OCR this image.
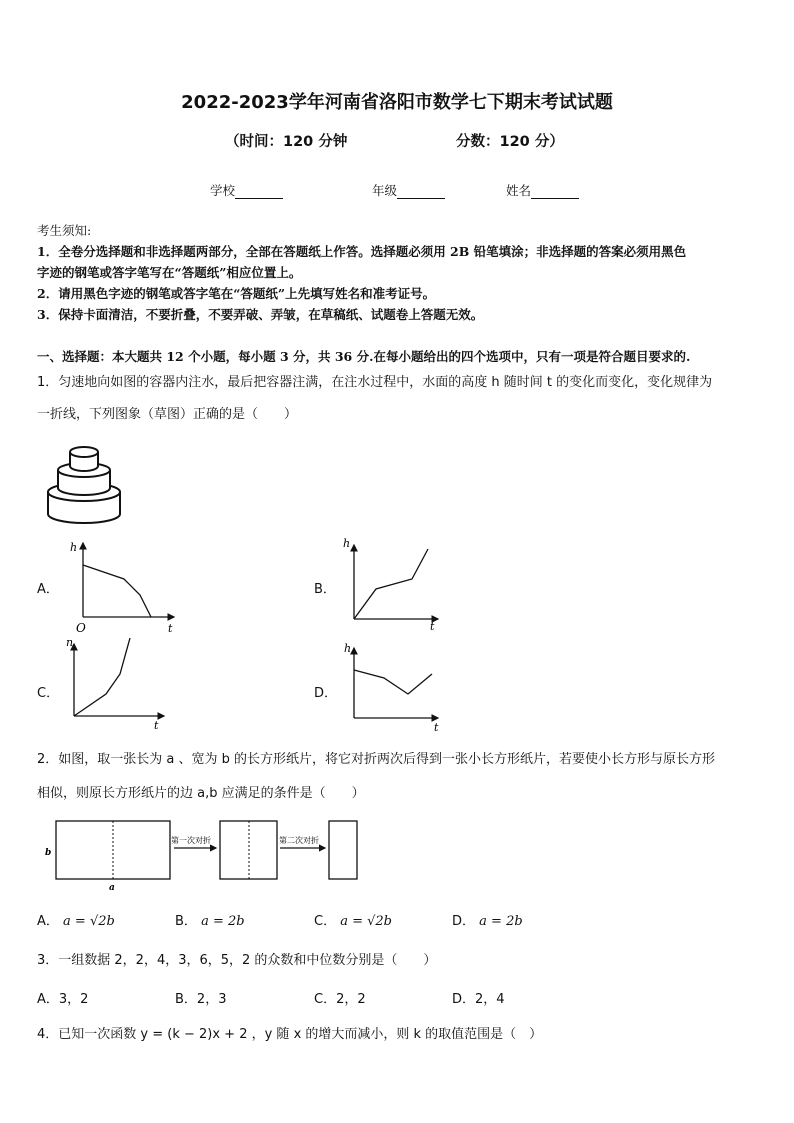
2022-2023学年河南省洛阳市数学七下期末考试试题
（时间：120 分钟	分数：120 分）
学校	年级	姓名
考生须知:
1．全卷分选择题和非选择题两部分，全部在答题纸上作答。选择题必须用 2B 铅笔填涂；非选择题的答案必须用黑色
字迹的钢笔或答字笔写在“答题纸”相应位置上。
2．请用黑色字迹的钢笔或答字笔在“答题纸”上先填写姓名和准考证号。
3．保持卡面清洁，不要折叠，不要弄破、弄皱，在草稿纸、试题卷上答题无效。
一、选择题：本大题共 12 个小题，每小题 3 分，共 36 分.在每小题给出的四个选项中，只有一项是符合题目要求的.
1．匀速地向如图的容器内注水，最后把容器注满，在注水过程中，水面的高度 h 随时间 t 的变化而变化，变化规律为
一折线，下列图象（草图）正确的是（　　）
A．	B．
C．	D．
h
O	t
h
t
n
t
h
t
2．如图，取一张长为 a 、宽为 b 的长方形纸片，将它对折两次后得到一张小长方形纸片，若要使小长方形与原长方形
相似，则原长方形纸片的边 a,b 应满足的条件是（　　）
b
a
第一次对折	第二次对折
A． a = √2b	B． a = 2b	C． a = √2b	D． a = 2b
3．一组数据 2，2，4，3，6，5，2 的众数和中位数分别是（　　）
A．3，2	B．2，3	C．2，2	D．2，4
4．已知一次函数 y = (k − 2)x + 2 ，y 随 x 的增大而减小，则 k 的取值范围是（　）
